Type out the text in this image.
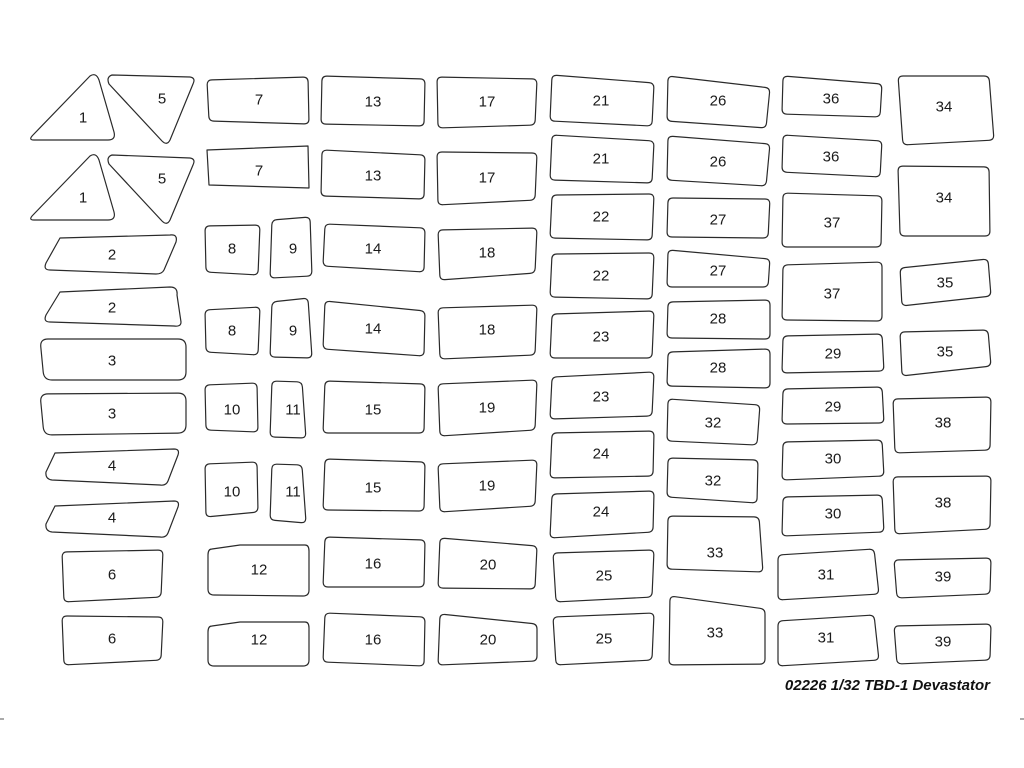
1
5	7	13	17	21	26	36	34
1
5	7	13	17
21	26	36
34
2	8	9	14	18
22	27	37
2
22	27
37
35
3
8	9	14	18	23
28
29	35
3
23
28
10	11	15	19
32
29
38
4
24
32
30
4
10	11	15	19
24	30
38
6	12	16	20
25
33
31	39
6	12	16	20	25	33	31	39
02226 1/32 TBD-1 Devastator
